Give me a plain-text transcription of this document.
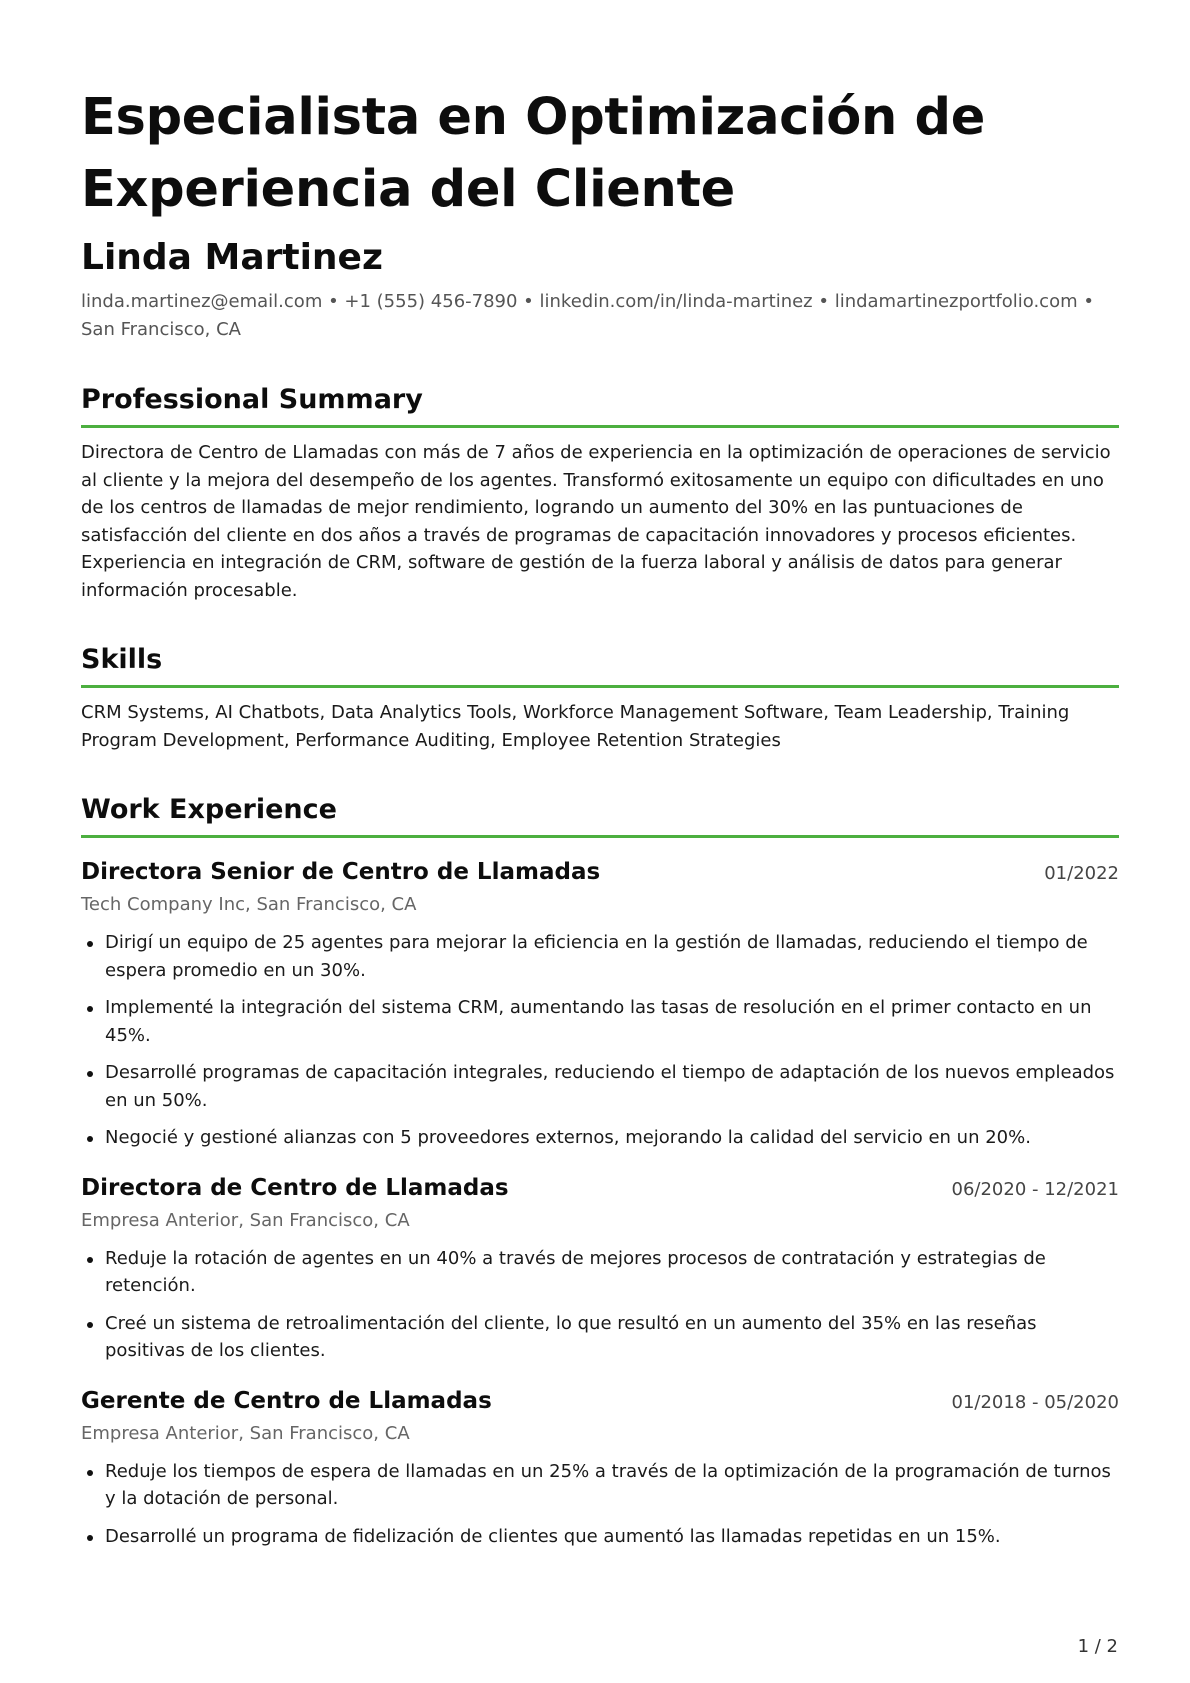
Especialista en Optimización de Experiencia del Cliente
Linda Martinez
linda.martinez@email.com • +1 (555) 456-7890 • linkedin.com/in/linda-martinez • lindamartinezportfolio.com • San Francisco, CA
Professional Summary
Directora de Centro de Llamadas con más de 7 años de experiencia en la optimización de operaciones de servicio al cliente y la mejora del desempeño de los agentes. Transformó exitosamente un equipo con dificultades en uno de los centros de llamadas de mejor rendimiento, logrando un aumento del 30% en las puntuaciones de satisfacción del cliente en dos años a través de programas de capacitación innovadores y procesos eficientes. Experiencia en integración de CRM, software de gestión de la fuerza laboral y análisis de datos para generar información procesable.
Skills
CRM Systems, AI Chatbots, Data Analytics Tools, Workforce Management Software, Team Leadership, Training Program Development, Performance Auditing, Employee Retention Strategies
Work Experience
Directora Senior de Centro de Llamadas	01/2022
Tech Company Inc, San Francisco, CA
Dirigí un equipo de 25 agentes para mejorar la eficiencia en la gestión de llamadas, reduciendo el tiempo de espera promedio en un 30%.
Implementé la integración del sistema CRM, aumentando las tasas de resolución en el primer contacto en un 45%.
Desarrollé programas de capacitación integrales, reduciendo el tiempo de adaptación de los nuevos empleados en un 50%.
Negocié y gestioné alianzas con 5 proveedores externos, mejorando la calidad del servicio en un 20%.
Directora de Centro de Llamadas	06/2020 - 12/2021
Empresa Anterior, San Francisco, CA
Reduje la rotación de agentes en un 40% a través de mejores procesos de contratación y estrategias de retención.
Creé un sistema de retroalimentación del cliente, lo que resultó en un aumento del 35% en las reseñas positivas de los clientes.
Gerente de Centro de Llamadas	01/2018 - 05/2020
Empresa Anterior, San Francisco, CA
Reduje los tiempos de espera de llamadas en un 25% a través de la optimización de la programación de turnos y la dotación de personal.
Desarrollé un programa de fidelización de clientes que aumentó las llamadas repetidas en un 15%.
1 / 2
